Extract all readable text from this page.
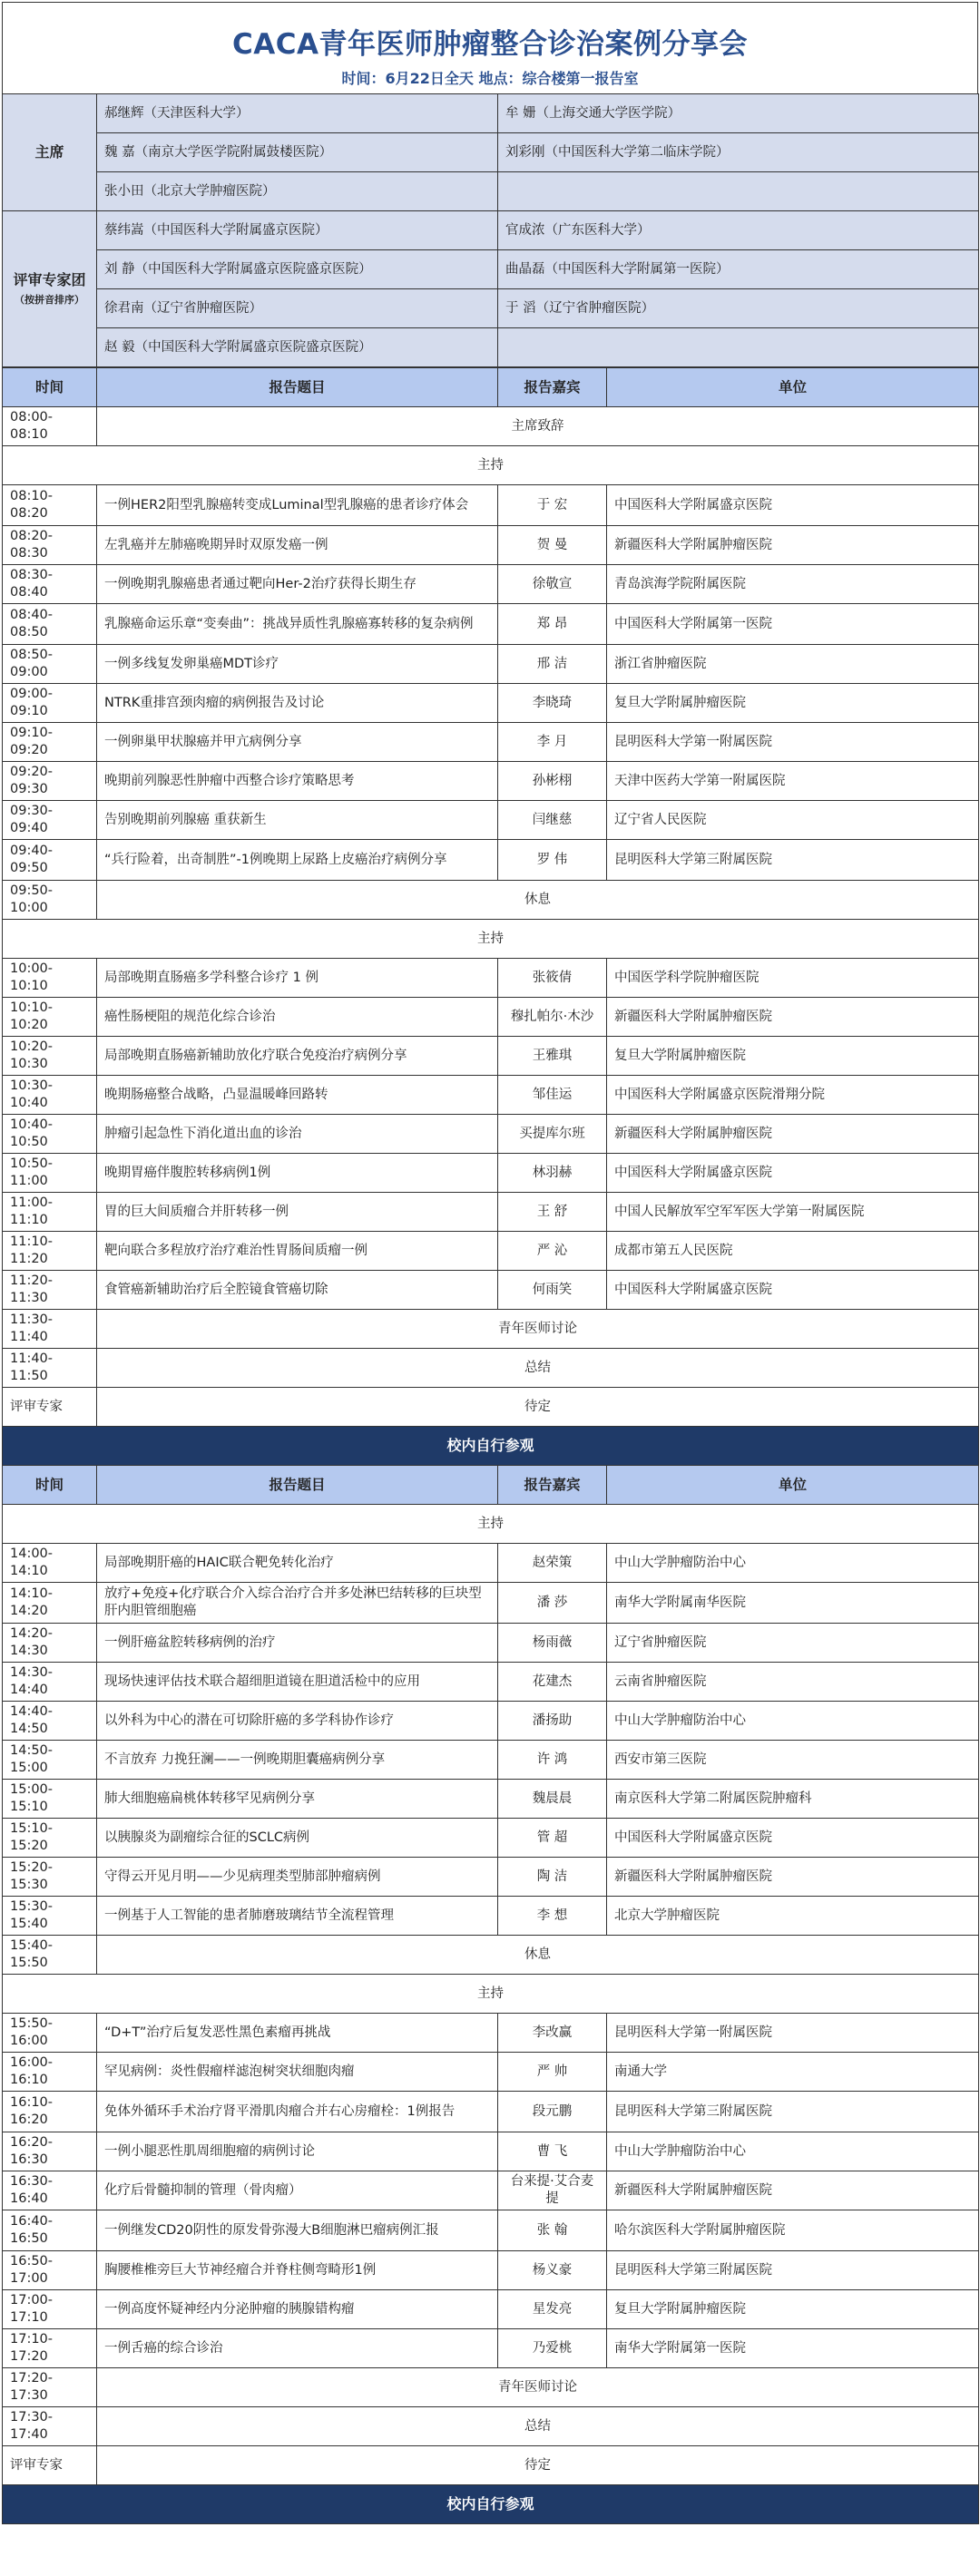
CACA青年医师肿瘤整合诊治案例分享会
时间：6月22日全天 地点：综合楼第一报告室
主席	郝继辉（天津医科大学）	牟 姗（上海交通大学医学院）
	魏 嘉（南京大学医学院附属鼓楼医院）	刘彩刚（中国医科大学第二临床学院）
	张小田（北京大学肿瘤医院）	
评审专家团
（按拼音排序）	蔡纬嵩（中国医科大学附属盛京医院）	官成浓（广东医科大学）
	刘 静（中国医科大学附属盛京医院盛京医院）	曲晶磊（中国医科大学附属第一医院）
	徐君南（辽宁省肿瘤医院）	于 滔（辽宁省肿瘤医院）
	赵 毅（中国医科大学附属盛京医院盛京医院）	
时间	报告题目	报告嘉宾	单位
08:00-08:10	主席致辞		
主持			
08:10-08:20	一例HER2阳型乳腺癌转变成Luminal型乳腺癌的患者诊疗体会	于 宏	中国医科大学附属盛京医院
08:20-08:30	左乳癌并左肺癌晚期异时双原发癌一例	贺 曼	新疆医科大学附属肿瘤医院
08:30-08:40	一例晚期乳腺癌患者通过靶向Her-2治疗获得长期生存	徐敬宣	青岛滨海学院附属医院
08:40-08:50	乳腺癌命运乐章“变奏曲”：挑战异质性乳腺癌寡转移的复杂病例	郑 昂	中国医科大学附属第一医院
08:50-09:00	一例多线复发卵巢癌MDT诊疗	邢 洁	浙江省肿瘤医院
09:00-09:10	NTRK重排宫颈肉瘤的病例报告及讨论	李晓琦	复旦大学附属肿瘤医院
09:10-09:20	一例卵巢甲状腺癌并甲亢病例分享	李 月	昆明医科大学第一附属医院
09:20-09:30	晚期前列腺恶性肿瘤中西整合诊疗策略思考	孙彬栩	天津中医药大学第一附属医院
09:30-09:40	告别晚期前列腺癌 重获新生	闫继慈	辽宁省人民医院
09:40-09:50	“兵行险着，出奇制胜”-1例晚期上尿路上皮癌治疗病例分享	罗 伟	昆明医科大学第三附属医院
09:50-10:00	休息		
主持			
10:00-10:10	局部晚期直肠癌多学科整合诊疗 1 例	张筱倩	中国医学科学院肿瘤医院
10:10-10:20	癌性肠梗阻的规范化综合诊治	穆扎帕尔·木沙	新疆医科大学附属肿瘤医院
10:20-10:30	局部晚期直肠癌新辅助放化疗联合免疫治疗病例分享	王雅琪	复旦大学附属肿瘤医院
10:30-10:40	晚期肠癌整合战略，凸显温暖峰回路转	邹佳运	中国医科大学附属盛京医院滑翔分院
10:40-10:50	肿瘤引起急性下消化道出血的诊治	买提库尔班	新疆医科大学附属肿瘤医院
10:50-11:00	晚期胃癌伴腹腔转移病例1例	林羽赫	中国医科大学附属盛京医院
11:00-11:10	胃的巨大间质瘤合并肝转移一例	王 舒	中国人民解放军空军军医大学第一附属医院
11:10-11:20	靶向联合多程放疗治疗难治性胃肠间质瘤一例	严 沁	成都市第五人民医院
11:20-11:30	食管癌新辅助治疗后全腔镜食管癌切除	何雨笑	中国医科大学附属盛京医院
11:30-11:40	青年医师讨论		
11:40-11:50	总结		
评审专家	待定		
校内自行参观			
时间	报告题目	报告嘉宾	单位
主持			
14:00-14:10	局部晚期肝癌的HAIC联合靶免转化治疗	赵荣策	中山大学肿瘤防治中心
14:10-14:20	放疗+免疫+化疗联合介入综合治疗合并多处淋巴结转移的巨块型肝内胆管细胞癌	潘 莎	南华大学附属南华医院
14:20-14:30	一例肝癌盆腔转移病例的治疗	杨雨薇	辽宁省肿瘤医院
14:30-14:40	现场快速评估技术联合超细胆道镜在胆道活检中的应用	花建杰	云南省肿瘤医院
14:40-14:50	以外科为中心的潜在可切除肝癌的多学科协作诊疗	潘扬助	中山大学肿瘤防治中心
14:50-15:00	不言放弃 力挽狂澜——一例晚期胆囊癌病例分享	许 鸿	西安市第三医院
15:00-15:10	肺大细胞癌扁桃体转移罕见病例分享	魏晨晨	南京医科大学第二附属医院肿瘤科
15:10-15:20	以胰腺炎为副瘤综合征的SCLC病例	管 超	中国医科大学附属盛京医院
15:20-15:30	守得云开见月明——少见病理类型肺部肿瘤病例	陶 洁	新疆医科大学附属肿瘤医院
15:30-15:40	一例基于人工智能的患者肺磨玻璃结节全流程管理	李 想	北京大学肿瘤医院
15:40-15:50	休息		
主持			
15:50-16:00	“D+T”治疗后复发恶性黑色素瘤再挑战	李改赢	昆明医科大学第一附属医院
16:00-16:10	罕见病例：炎性假瘤样滤泡树突状细胞肉瘤	严 帅	南通大学
16:10-16:20	免体外循环手术治疗肾平滑肌肉瘤合并右心房瘤栓：1例报告	段元鹏	昆明医科大学第三附属医院
16:20-16:30	一例小腿恶性肌周细胞瘤的病例讨论	曹 飞	中山大学肿瘤防治中心
16:30-16:40	化疗后骨髓抑制的管理（骨肉瘤）	台来提·艾合麦提	新疆医科大学附属肿瘤医院
16:40-16:50	一例继发CD20阴性的原发骨弥漫大B细胞淋巴瘤病例汇报	张 翰	哈尔滨医科大学附属肿瘤医院
16:50-17:00	胸腰椎椎旁巨大节神经瘤合并脊柱侧弯畸形1例	杨义豪	昆明医科大学第三附属医院
17:00-17:10	一例高度怀疑神经内分泌肿瘤的胰腺错构瘤	星发亮	复旦大学附属肿瘤医院
17:10-17:20	一例舌癌的综合诊治	乃爱桃	南华大学附属第一医院
17:20-17:30	青年医师讨论		
17:30-17:40	总结		
评审专家	待定		
校内自行参观			
